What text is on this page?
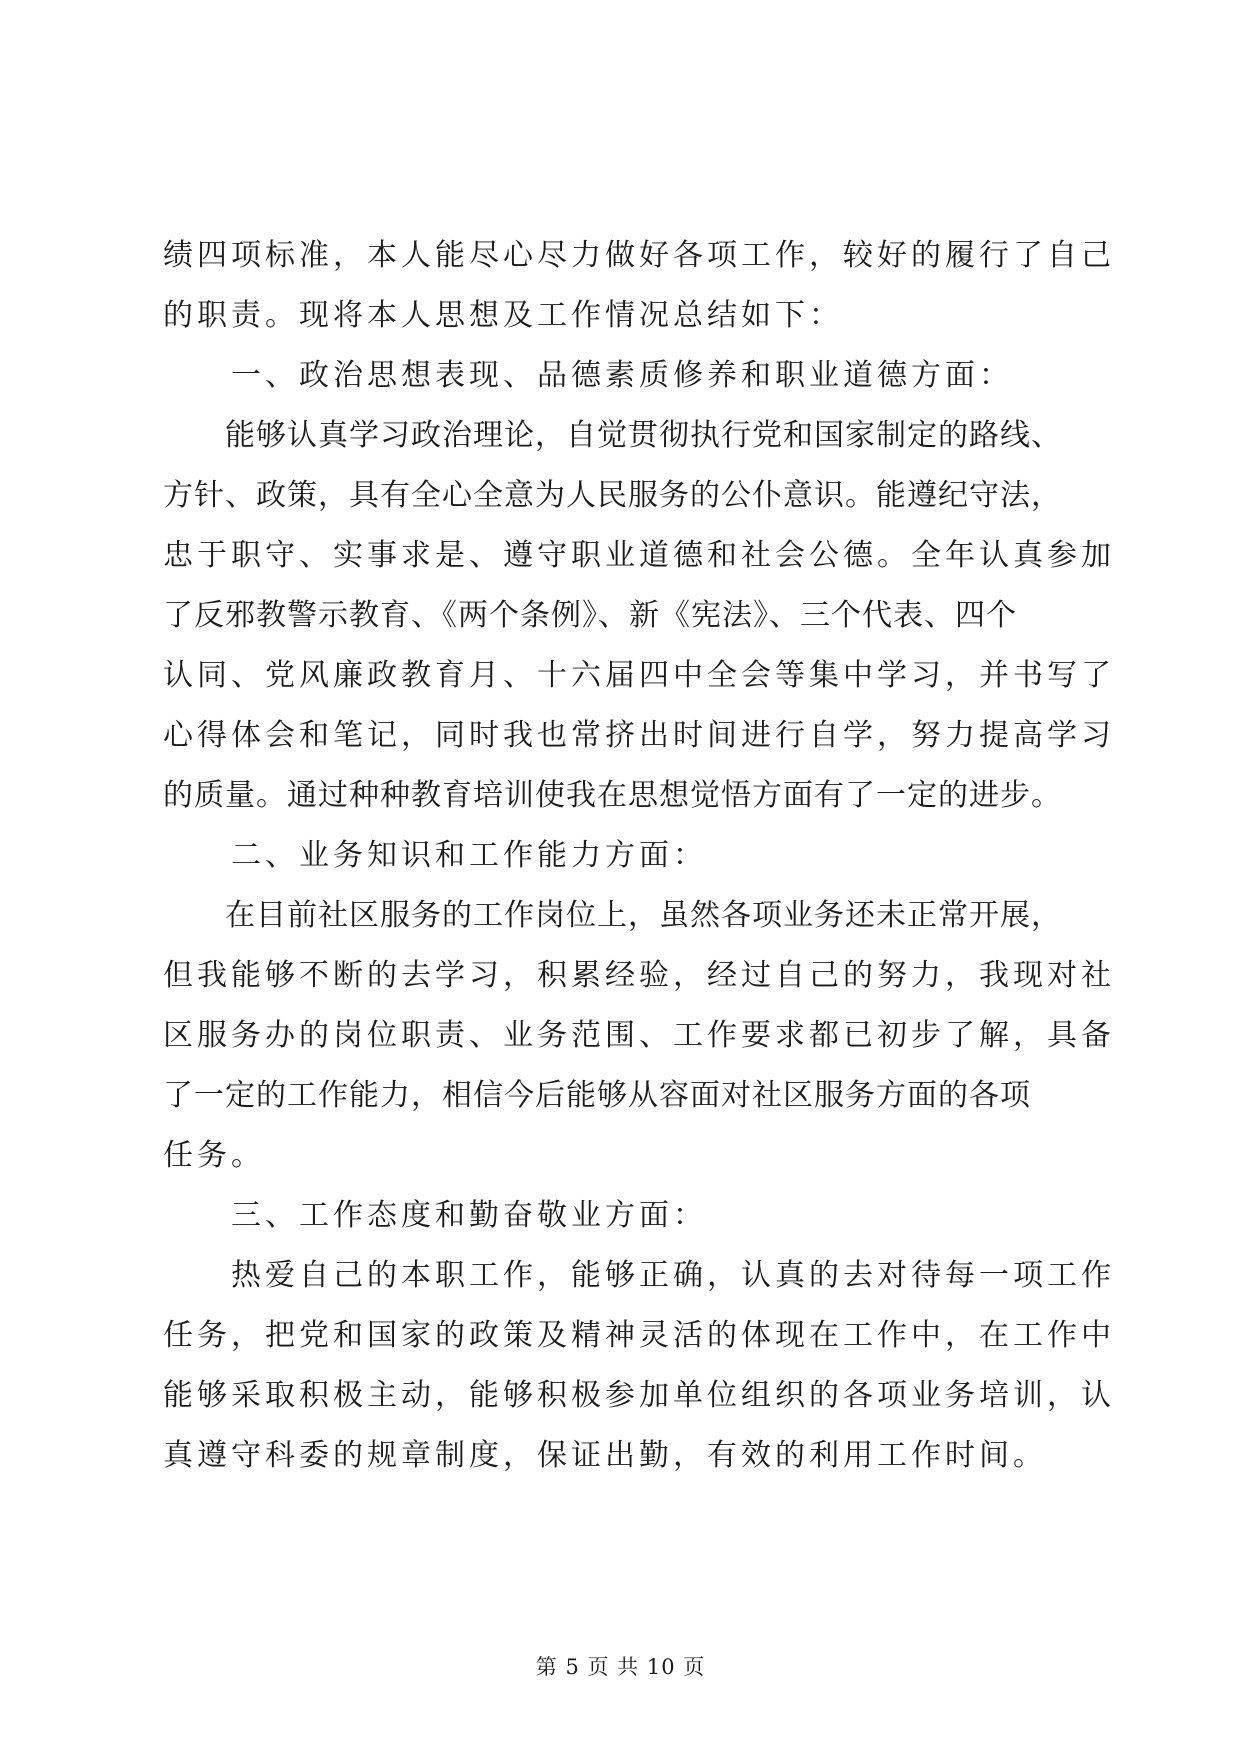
绩四项标准，本人能尽心尽力做好各项工作，较好的履行了自己
的职责。现将本人思想及工作情况总结如下：
　　一、政治思想表现、品德素质修养和职业道德方面：
　　能够认真学习政治理论，自觉贯彻执行党和国家制定的路线、
方针、政策，具有全心全意为人民服务的公仆意识。能遵纪守法，
忠于职守、实事求是、遵守职业道德和社会公德。全年认真参加
了反邪教警示教育、《两个条例》、新《宪法》、三个代表、四个
认同、党风廉政教育月、十六届四中全会等集中学习，并书写了
心得体会和笔记，同时我也常挤出时间进行自学，努力提高学习
的质量。通过种种教育培训使我在思想觉悟方面有了一定的进步。
　　二、业务知识和工作能力方面：
　　在目前社区服务的工作岗位上，虽然各项业务还未正常开展，
但我能够不断的去学习，积累经验，经过自己的努力，我现对社
区服务办的岗位职责、业务范围、工作要求都已初步了解，具备
了一定的工作能力，相信今后能够从容面对社区服务方面的各项
任务。
　　三、工作态度和勤奋敬业方面：
　　热爱自己的本职工作，能够正确，认真的去对待每一项工作
任务，把党和国家的政策及精神灵活的体现在工作中，在工作中
能够采取积极主动，能够积极参加单位组织的各项业务培训，认
真遵守科委的规章制度，保证出勤，有效的利用工作时间。
第 5 页 共 10 页
